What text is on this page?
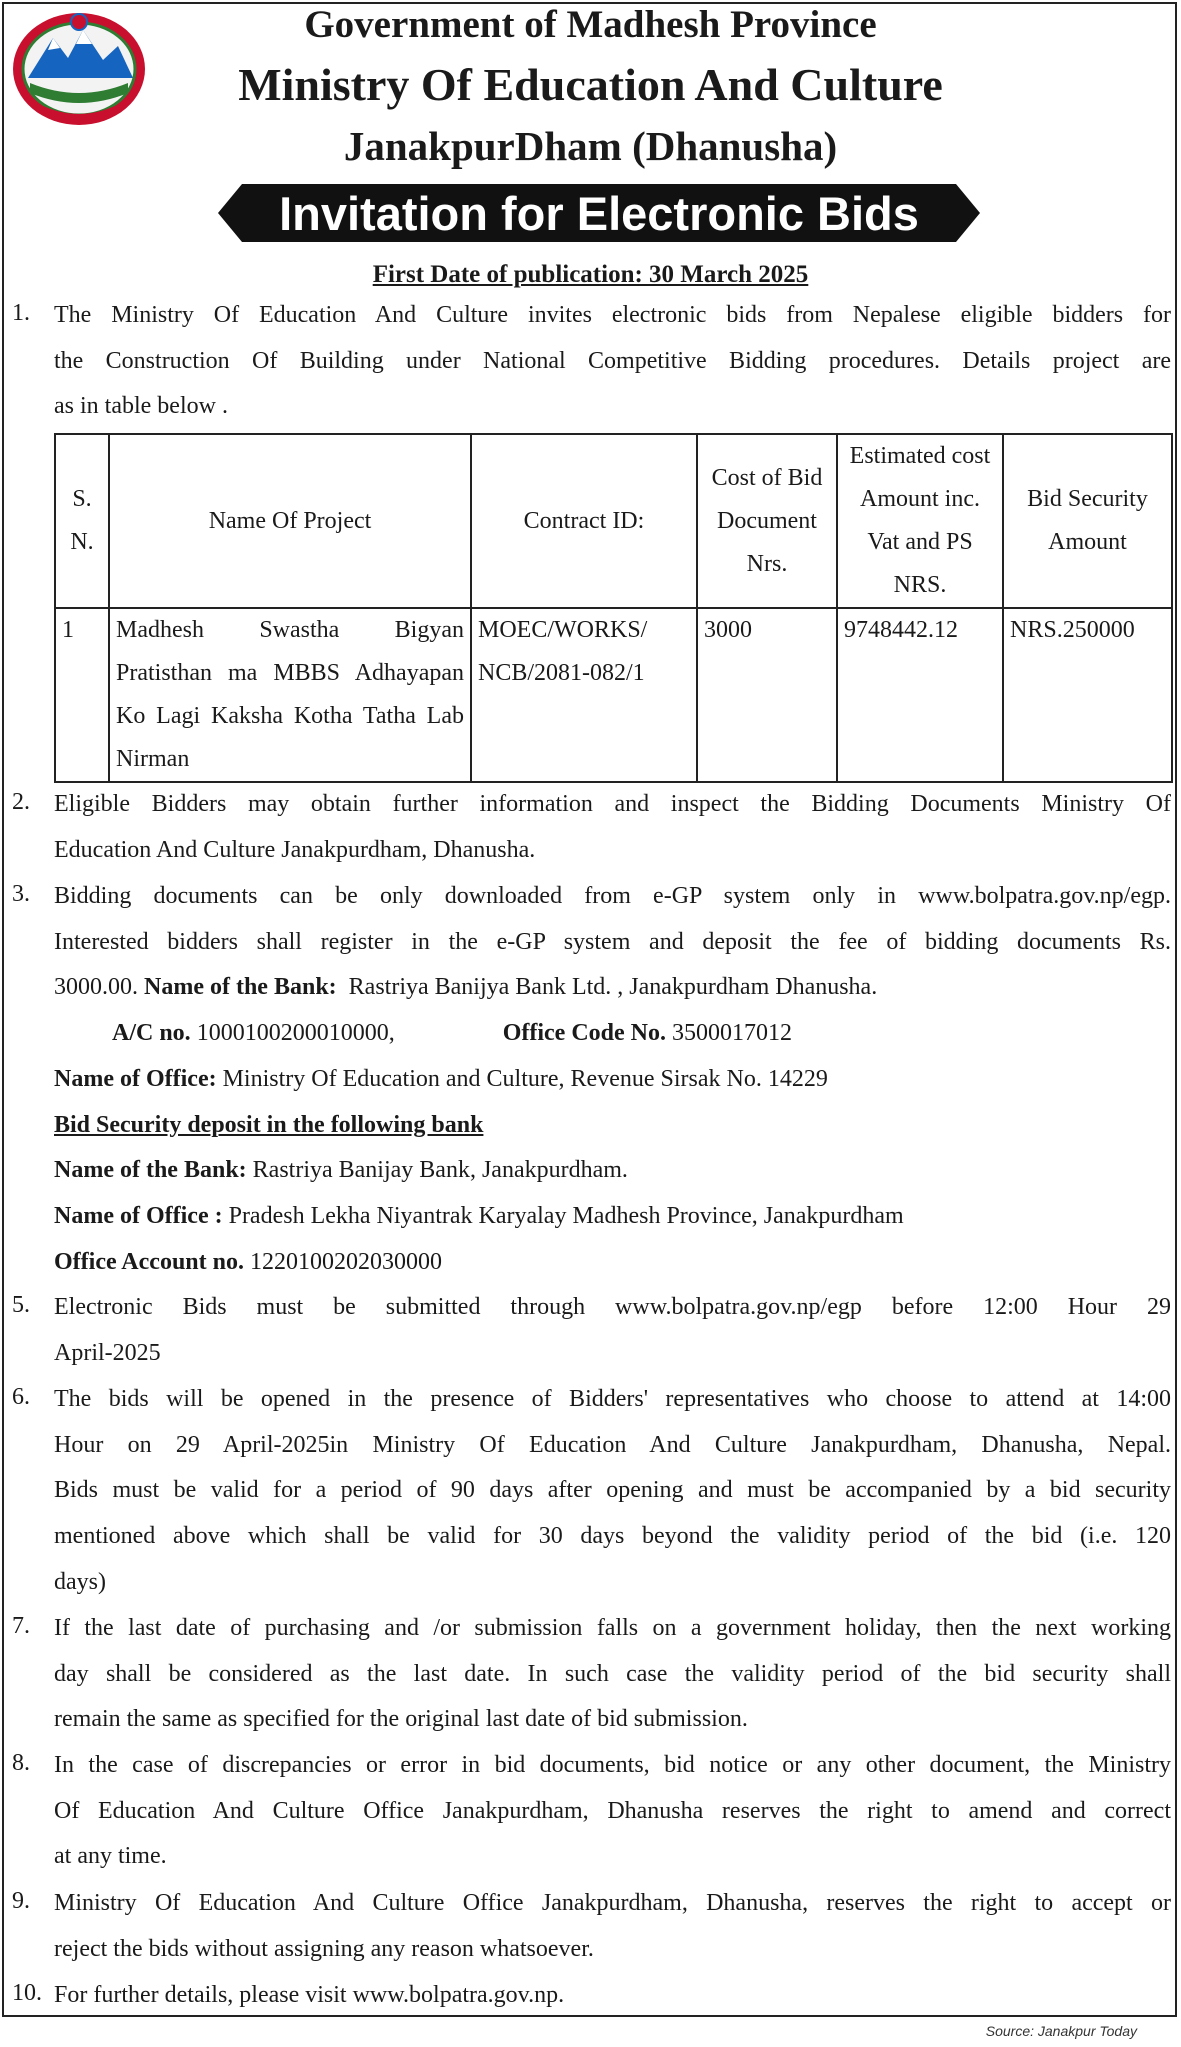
Government of Madhesh Province
Ministry Of Education And Culture
JanakpurDham (Dhanusha)
Invitation for Electronic Bids
First Date of publication: 30 March 2025
1. The Ministry Of Education And Culture invites electronic bids from Nepalese eligible bidders for
the Construction Of Building under National Competitive Bidding procedures. Details project are
as in table below .
S. N.	Name Of Project	Contract ID:	Cost of Bid Document Nrs.	Estimated cost Amount inc. Vat and PS NRS.	Bid Security Amount
1	Madhesh Swastha Bigyan Pratisthan ma MBBS Adhayapan Ko Lagi Kaksha Kotha Tatha Lab Nirman	MOEC/WORKS/ NCB/2081-082/1	3000	9748442.12	NRS.250000
2. Eligible Bidders may obtain further information and inspect the Bidding Documents Ministry Of
Education And Culture Janakpurdham, Dhanusha.
3. Bidding documents can be only downloaded from e-GP system only in www.bolpatra.gov.np/egp.
Interested bidders shall register in the e-GP system and deposit the fee of bidding documents Rs.
3000.00. Name of the Bank: Rastriya Banijya Bank Ltd. , Janakpurdham Dhanusha.
A/C no. 1000100200010000,	Office Code No. 3500017012
Name of Office: Ministry Of Education and Culture, Revenue Sirsak No. 14229
Bid Security deposit in the following bank
Name of the Bank: Rastriya Banijay Bank, Janakpurdham.
Name of Office : Pradesh Lekha Niyantrak Karyalay Madhesh Province, Janakpurdham
Office Account no. 1220100202030000
5. Electronic Bids must be submitted through www.bolpatra.gov.np/egp before 12:00 Hour 29
April-2025
6. The bids will be opened in the presence of Bidders' representatives who choose to attend at 14:00
Hour on 29 April-2025in Ministry Of Education And Culture Janakpurdham, Dhanusha, Nepal.
Bids must be valid for a period of 90 days after opening and must be accompanied by a bid security
mentioned above which shall be valid for 30 days beyond the validity period of the bid (i.e. 120
days)
7. If the last date of purchasing and /or submission falls on a government holiday, then the next working
day shall be considered as the last date. In such case the validity period of the bid security shall
remain the same as specified for the original last date of bid submission.
8. In the case of discrepancies or error in bid documents, bid notice or any other document, the Ministry
Of Education And Culture Office Janakpurdham, Dhanusha reserves the right to amend and correct
at any time.
9. Ministry Of Education And Culture Office Janakpurdham, Dhanusha, reserves the right to accept or
reject the bids without assigning any reason whatsoever.
10. For further details, please visit www.bolpatra.gov.np.
Source: Janakpur Today
